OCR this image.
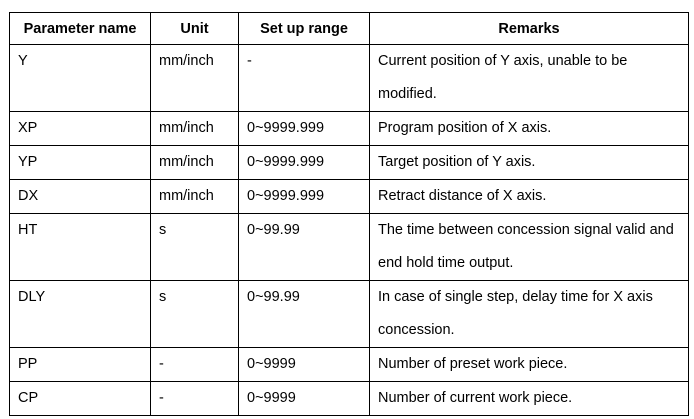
Parameter name	Unit	Set up range	Remarks
Y	mm/inch	-	Current position of Y axis, unable to be modified.
XP	mm/inch	0~9999.999	Program position of X axis.
YP	mm/inch	0~9999.999	Target position of Y axis.
DX	mm/inch	0~9999.999	Retract distance of X axis.
HT	s	0~99.99	The time between concession signal valid and end hold time output.
DLY	s	0~99.99	In case of single step, delay time for X axis concession.
PP	-	0~9999	Number of preset work piece.
CP	-	0~9999	Number of current work piece.
